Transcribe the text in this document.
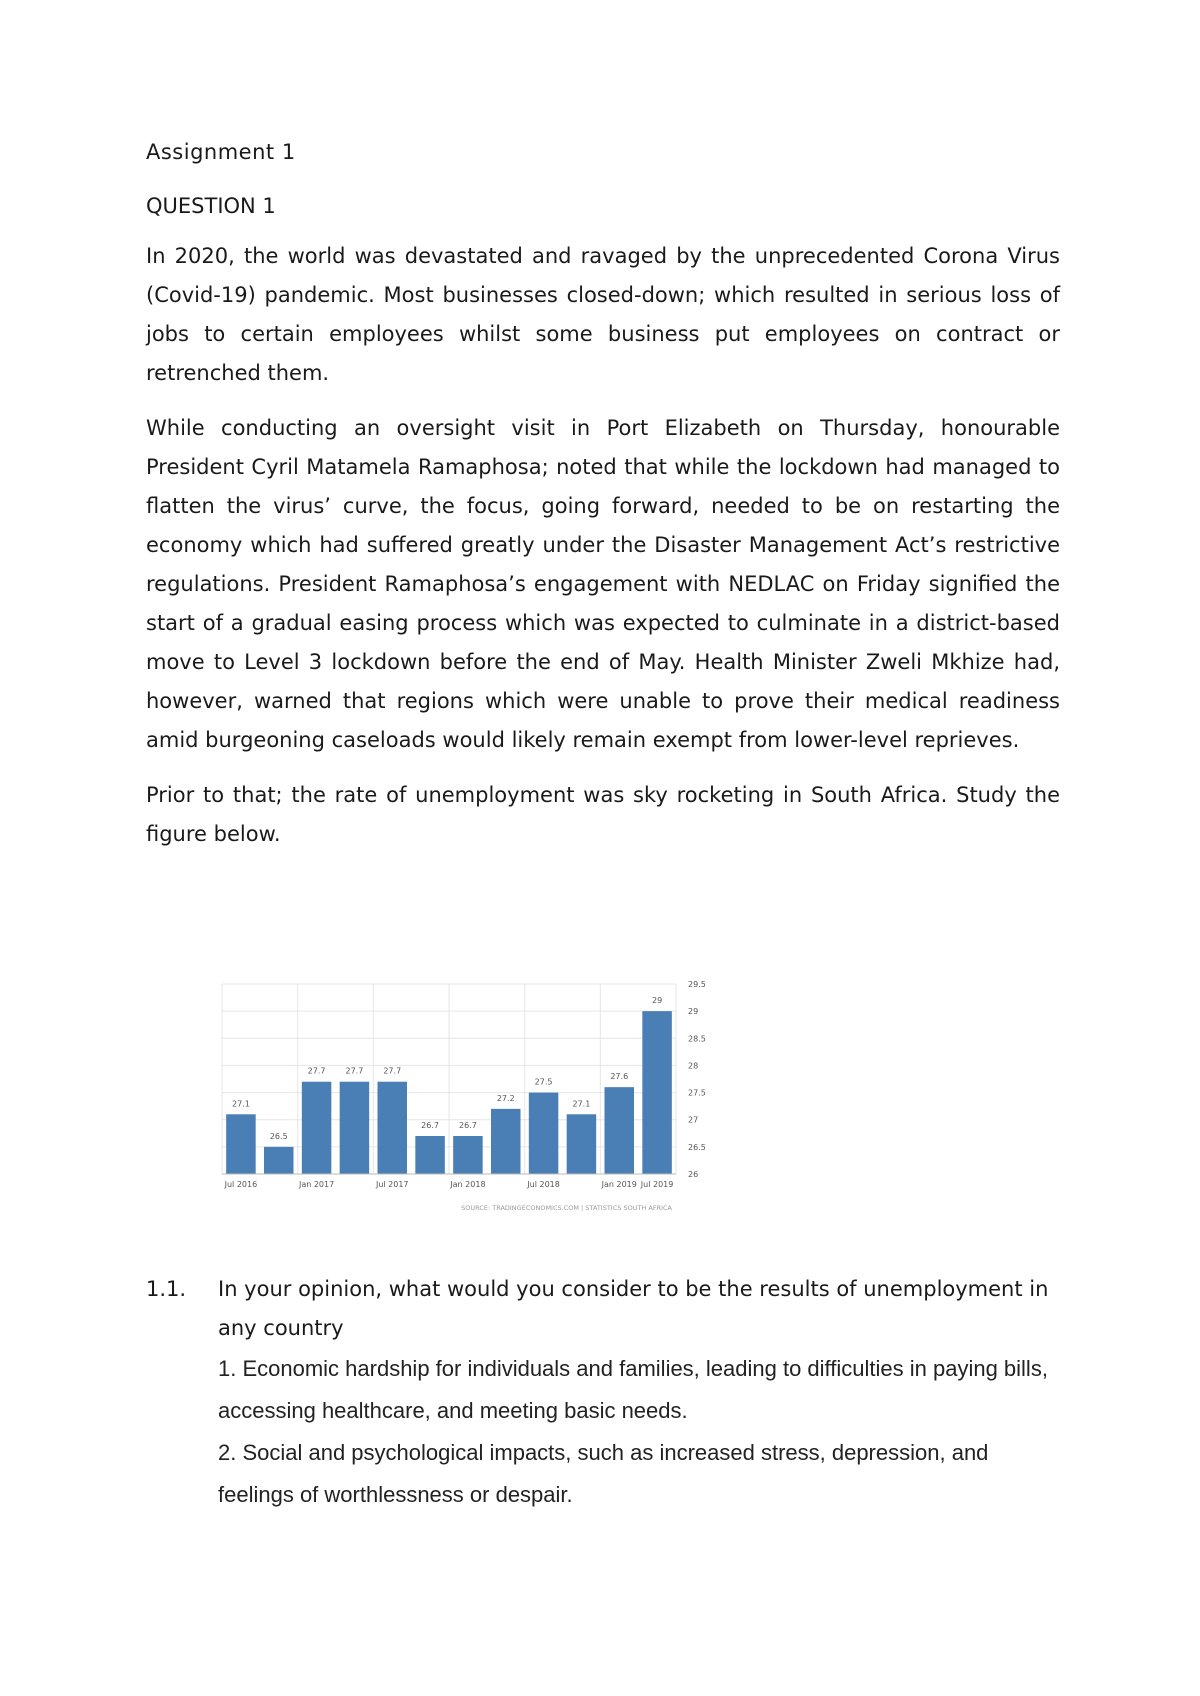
Assignment 1
QUESTION 1

In 2020, the world was devastated and ravaged by the unprecedented Corona Virus (Covid-19) pandemic. Most businesses closed-down; which resulted in serious loss of jobs to certain employees whilst some business put employees on contract or retrenched them.

While conducting an oversight visit in Port Elizabeth on Thursday, honourable President Cyril Matamela Ramaphosa; noted that while the lockdown had managed to flatten the virus’ curve, the focus, going forward, needed to be on restarting the economy which had suffered greatly under the Disaster Management Act’s restrictive regulations. President Ramaphosa’s engagement with NEDLAC on Friday signified the start of a gradual easing process which was expected to culminate in a district-based move to Level 3 lockdown before the end of May. Health Minister Zweli Mkhize had, however, warned that regions which were unable to prove their medical readiness amid burgeoning caseloads would likely remain exempt from lower-level reprieves.

Prior to that; the rate of unemployment was sky rocketing in South Africa. Study the figure below.

26
26.5
27
27.5
28
28.5
29
29.5
27.1
26.5
27.7	27.7	27.7
26.7	26.7
27.2
27.5
27.1
27.6
29
Jul 2016	Jan 2017	Jul 2017	Jan 2018	Jul 2018	Jan 2019 Jul 2019
SOURCE: TRADINGECONOMICS.COM | STATISTICS SOUTH AFRICA
1.1.	In your opinion, what would you consider to be the results of unemployment in any country

1. Economic hardship for individuals and families, leading to difficulties in paying bills, accessing healthcare, and meeting basic needs.

2. Social and psychological impacts, such as increased stress, depression, and feelings of worthlessness or despair.
